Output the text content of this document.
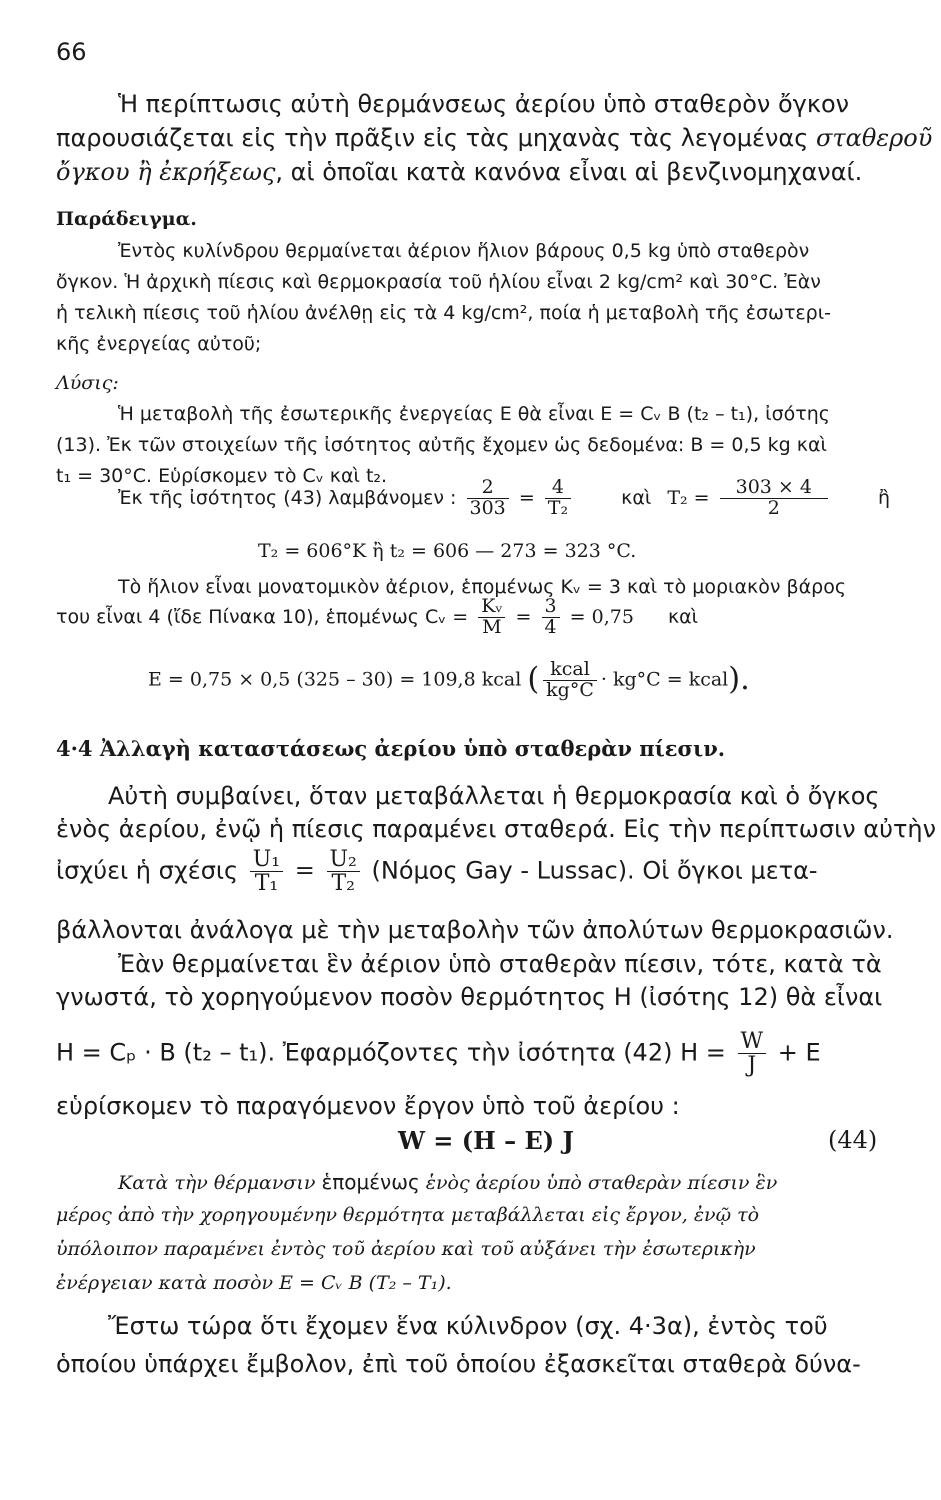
66
Ἡ περίπτωσις αὐτὴ θερμάνσεως ἀερίου ὑπὸ σταθερὸν ὄγκον
παρουσιάζεται εἰς τὴν πρᾶξιν εἰς τὰς μηχανὰς τὰς λεγομένας σταθεροῦ
ὄγκου ἢ ἐκρήξεως, αἱ ὁποῖαι κατὰ κανόνα εἶναι αἱ βενζινομηχαναί.
Παράδειγμα.
Ἐντὸς κυλίνδρου θερμαίνεται ἀέριον ἥλιον βάρους 0,5 kg ὑπὸ σταθερὸν
ὄγκον. Ἡ ἀρχικὴ πίεσις καὶ θερμοκρασία τοῦ ἡλίου εἶναι 2 kg/cm² καὶ 30°C. Ἐὰν
ἡ τελικὴ πίεσις τοῦ ἡλίου ἀνέλθῃ εἰς τὰ 4 kg/cm², ποία ἡ μεταβολὴ τῆς ἐσωτερι-
κῆς ἐνεργείας αὐτοῦ;
Λύσις:
Ἡ μεταβολὴ τῆς ἐσωτερικῆς ἐνεργείας E θὰ εἶναι E = Cᵥ B (t₂ – t₁), ἰσότης
(13). Ἐκ τῶν στοιχείων τῆς ἰσότητος αὐτῆς ἔχομεν ὡς δεδομένα: B = 0,5 kg καὶ
t₁ = 30°C. Εὑρίσκομεν τὸ Cᵥ καὶ t₂.
Ἐκ τῆς ἰσότητος (43) λαμβάνομεν : $\frac{2}{303} = \frac{4}{\text{T₂}}$	καὶ $T_2 = \frac{303 \times 4}{2}$	ἢ
T₂ = 606°K ἢ t₂ = 606 — 273 = 323 °C.
Τὸ ἥλιον εἶναι μονατομικὸν ἀέριον, ἑπομένως Kᵥ = 3 καὶ τὸ μοριακὸν βάρος
του εἶναι 4 (ἴδε Πίνακα 10), ἑπομένως Cᵥ = $\frac{\text{Kᵥ}}{M} = \frac{3}{4} = 0,75$ καὶ
E = 0,75 × 0,5 (325 – 30) = 109,8 kcal ( $\frac{\text{kcal}}{kg^\circ C} \cdot kg^\circ C$ = kcal).
4·4 Ἀλλαγὴ καταστάσεως ἀερίου ὑπὸ σταθερὰν πίεσιν.
Αὐτὴ συμβαίνει, ὅταν μεταβάλλεται ἡ θερμοκρασία καὶ ὁ ὄγκος
ἑνὸς ἀερίου, ἐνῷ ἡ πίεσις παραμένει σταθερά. Εἰς τὴν περίπτωσιν αὐτὴν
ἰσχύει ἡ σχέσις $\frac{\text{U₁}}{\text{T₁}} = \frac{\text{U₂}}{\text{T₂}} (Nό\mu o\varsigma$ Gay - Lussac). Οἱ ὄγκοι μετα-
βάλλονται ἀνάλογα μὲ τὴν μεταβολὴν τῶν ἀπολύτων θερμοκρασιῶν.
Ἐὰν θερμαίνεται ἓν ἀέριον ὑπὸ σταθερὰν πίεσιν, τότε, κατὰ τὰ
γνωστά, τὸ χορηγούμενον ποσὸν θερμότητος H (ἰσότης 12) θὰ εἶναι
H = Cₚ · B (t₂ – t₁). Ἐφαρμόζοντες τὴν ἰσότητα (42) $H = \frac{W}{J} + E$
εὑρίσκομεν τὸ παραγόμενον ἔργον ὑπὸ τοῦ ἀερίου :
W = (H – E) J	(44)
Κατὰ τὴν θέρμανσιν ἑπομένως ἑνὸς ἀερίου ὑπὸ σταθερὰν πίεσιν ἓν
μέρος ἀπὸ τὴν χορηγουμένην θερμότητα μεταβάλλεται εἰς ἔργον, ἐνῷ τὸ
ὑπόλοιπον παραμένει ἐντὸς τοῦ ἀερίου καὶ τοῦ αὐξάνει τὴν ἐσωτερικὴν
ἐνέργειαν κατὰ ποσὸν E = Cᵥ B (T₂ – T₁).
Ἔστω τώρα ὅτι ἔχομεν ἕνα κύλινδρον (σχ. 4·3α), ἐντὸς τοῦ
ὁποίου ὑπάρχει ἔμβολον, ἐπὶ τοῦ ὁποίου ἐξασκεῖται σταθερὰ δύνα-
